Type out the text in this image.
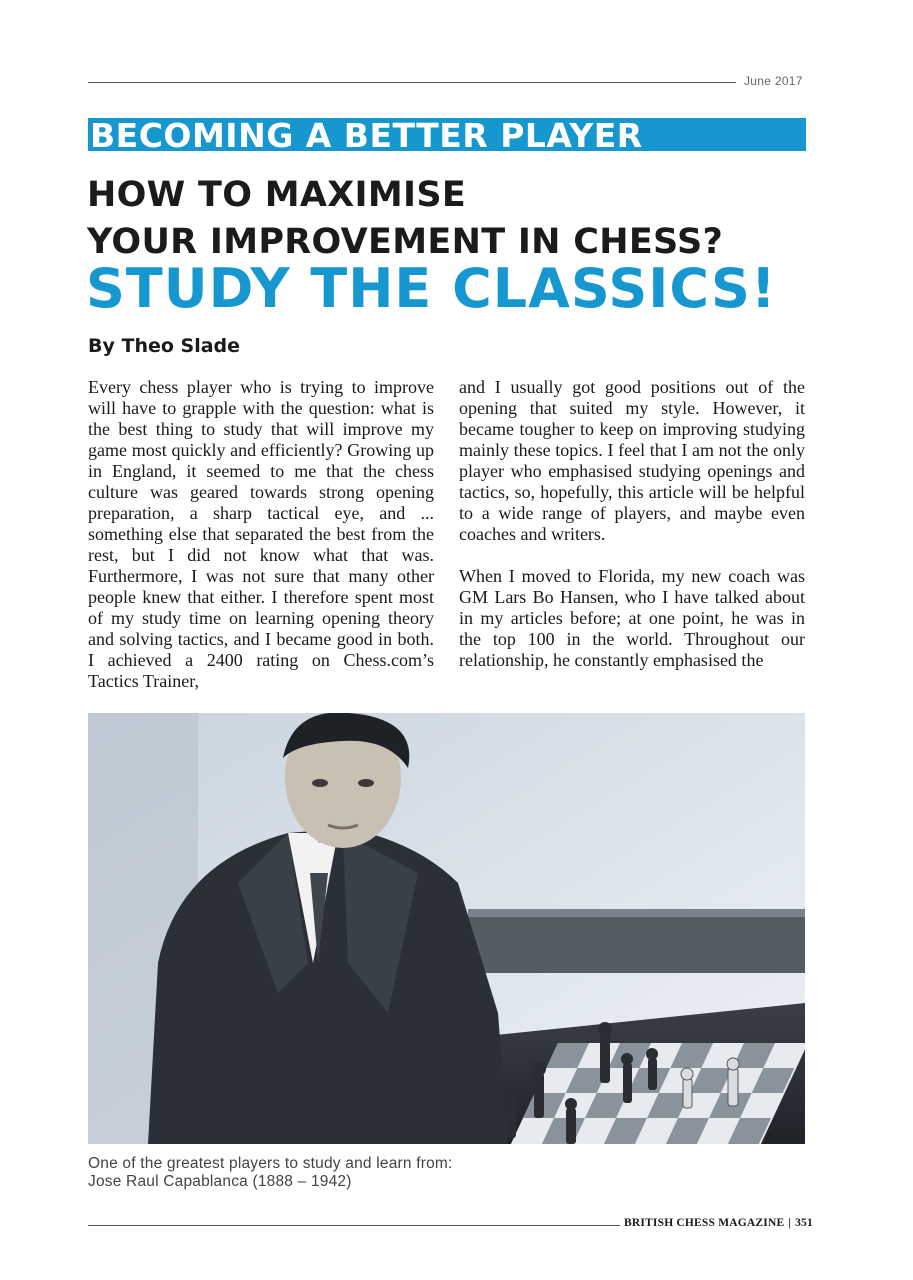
June 2017
BECOMING A BETTER PLAYER
HOW TO MAXIMISE
YOUR IMPROVEMENT IN CHESS?
STUDY THE CLASSICS!
By Theo Slade

Every chess player who is trying to improve will have to grapple with the question: what is the best thing to study that will improve my game most quickly and efficiently? Growing up in England, it seemed to me that the chess culture was geared towards strong opening preparation, a sharp tactical eye, and ... something else that separated the best from the rest, but I did not know what that was. Furthermore, I was not sure that many other people knew that either. I therefore spent most of my study time on learning opening theory and solving tactics, and I became good in both. I achieved a 2400 rating on Chess.com’s Tactics Trainer,

and I usually got good positions out of the opening that suited my style. However, it became tougher to keep on improving studying mainly these topics. I feel that I am not the only player who emphasised studying openings and tactics, so, hopefully, this article will be helpful to a wide range of players, and maybe even coaches and writers.

When I moved to Florida, my new coach was GM Lars Bo Hansen, who I have talked about in my articles before; at one point, he was in the top 100 in the world. Throughout our relationship, he constantly emphasised the

One of the greatest players to study and learn from:
Jose Raul Capablanca (1888 – 1942)
BRITISH CHESS MAGAZINE | 351
